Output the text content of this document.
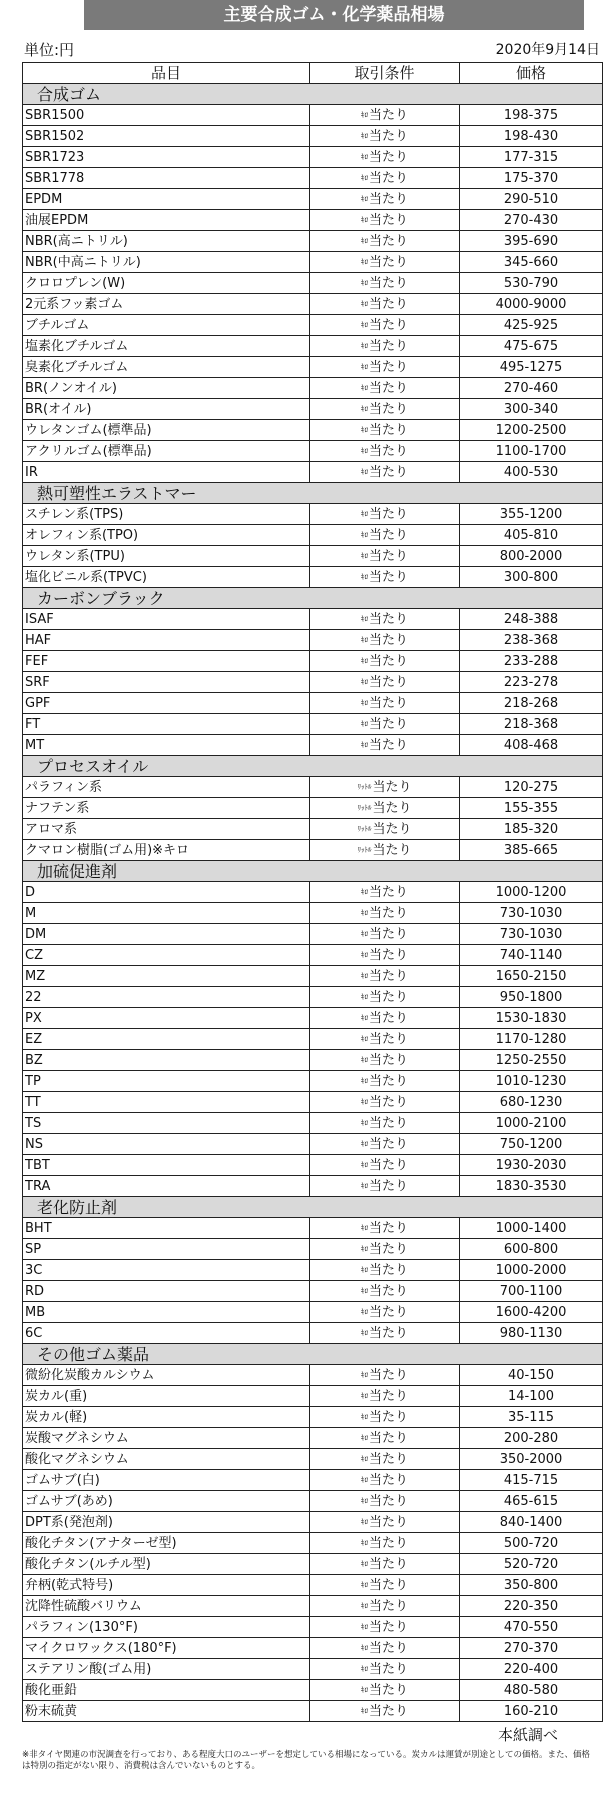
主要合成ゴム・化学薬品相場
単位:円	2020年9月14日
品目	取引条件	価格
合成ゴム		
SBR1500	ｷﾛ当たり	198-375
SBR1502	ｷﾛ当たり	198-430
SBR1723	ｷﾛ当たり	177-315
SBR1778	ｷﾛ当たり	175-370
EPDM	ｷﾛ当たり	290-510
油展EPDM	ｷﾛ当たり	270-430
NBR(高ニトリル)	ｷﾛ当たり	395-690
NBR(中高ニトリル)	ｷﾛ当たり	345-660
クロロプレン(W)	ｷﾛ当たり	530-790
2元系フッ素ゴム	ｷﾛ当たり	4000-9000
ブチルゴム	ｷﾛ当たり	425-925
塩素化ブチルゴム	ｷﾛ当たり	475-675
臭素化ブチルゴム	ｷﾛ当たり	495-1275
BR(ノンオイル)	ｷﾛ当たり	270-460
BR(オイル)	ｷﾛ当たり	300-340
ウレタンゴム(標準品)	ｷﾛ当たり	1200-2500
アクリルゴム(標準品)	ｷﾛ当たり	1100-1700
IR	ｷﾛ当たり	400-530
熱可塑性エラストマー		
スチレン系(TPS)	ｷﾛ当たり	355-1200
オレフィン系(TPO)	ｷﾛ当たり	405-810
ウレタン系(TPU)	ｷﾛ当たり	800-2000
塩化ビニル系(TPVC)	ｷﾛ当たり	300-800
カーボンブラック		
ISAF	ｷﾛ当たり	248-388
HAF	ｷﾛ当たり	238-368
FEF	ｷﾛ当たり	233-288
SRF	ｷﾛ当たり	223-278
GPF	ｷﾛ当たり	218-268
FT	ｷﾛ当たり	218-368
MT	ｷﾛ当たり	408-468
プロセスオイル		
パラフィン系	ﾘｯﾄﾙ当たり	120-275
ナフテン系	ﾘｯﾄﾙ当たり	155-355
アロマ系	ﾘｯﾄﾙ当たり	185-320
クマロン樹脂(ゴム用)※キロ	ﾘｯﾄﾙ当たり	385-665
加硫促進剤		
D	ｷﾛ当たり	1000-1200
M	ｷﾛ当たり	730-1030
DM	ｷﾛ当たり	730-1030
CZ	ｷﾛ当たり	740-1140
MZ	ｷﾛ当たり	1650-2150
22	ｷﾛ当たり	950-1800
PX	ｷﾛ当たり	1530-1830
EZ	ｷﾛ当たり	1170-1280
BZ	ｷﾛ当たり	1250-2550
TP	ｷﾛ当たり	1010-1230
TT	ｷﾛ当たり	680-1230
TS	ｷﾛ当たり	1000-2100
NS	ｷﾛ当たり	750-1200
TBT	ｷﾛ当たり	1930-2030
TRA	ｷﾛ当たり	1830-3530
老化防止剤		
BHT	ｷﾛ当たり	1000-1400
SP	ｷﾛ当たり	600-800
3C	ｷﾛ当たり	1000-2000
RD	ｷﾛ当たり	700-1100
MB	ｷﾛ当たり	1600-4200
6C	ｷﾛ当たり	980-1130
その他ゴム薬品		
微紛化炭酸カルシウム	ｷﾛ当たり	40-150
炭カル(重)	ｷﾛ当たり	14-100
炭カル(軽)	ｷﾛ当たり	35-115
炭酸マグネシウム	ｷﾛ当たり	200-280
酸化マグネシウム	ｷﾛ当たり	350-2000
ゴムサブ(白)	ｷﾛ当たり	415-715
ゴムサブ(あめ)	ｷﾛ当たり	465-615
DPT系(発泡剤)	ｷﾛ当たり	840-1400
酸化チタン(アナターゼ型)	ｷﾛ当たり	500-720
酸化チタン(ルチル型)	ｷﾛ当たり	520-720
弁柄(乾式特号)	ｷﾛ当たり	350-800
沈降性硫酸バリウム	ｷﾛ当たり	220-350
パラフィン(130°F)	ｷﾛ当たり	470-550
マイクロワックス(180°F)	ｷﾛ当たり	270-370
ステアリン酸(ゴム用)	ｷﾛ当たり	220-400
酸化亜鉛	ｷﾛ当たり	480-580
粉末硫黄	ｷﾛ当たり	160-210
本紙調べ
※非タイヤ関連の市況調査を行っており、ある程度大口のユーザーを想定している相場になっている。炭カルは運賃が別途としての価格。また、価格は特別の指定がない限り、消費税は含んでいないものとする。
